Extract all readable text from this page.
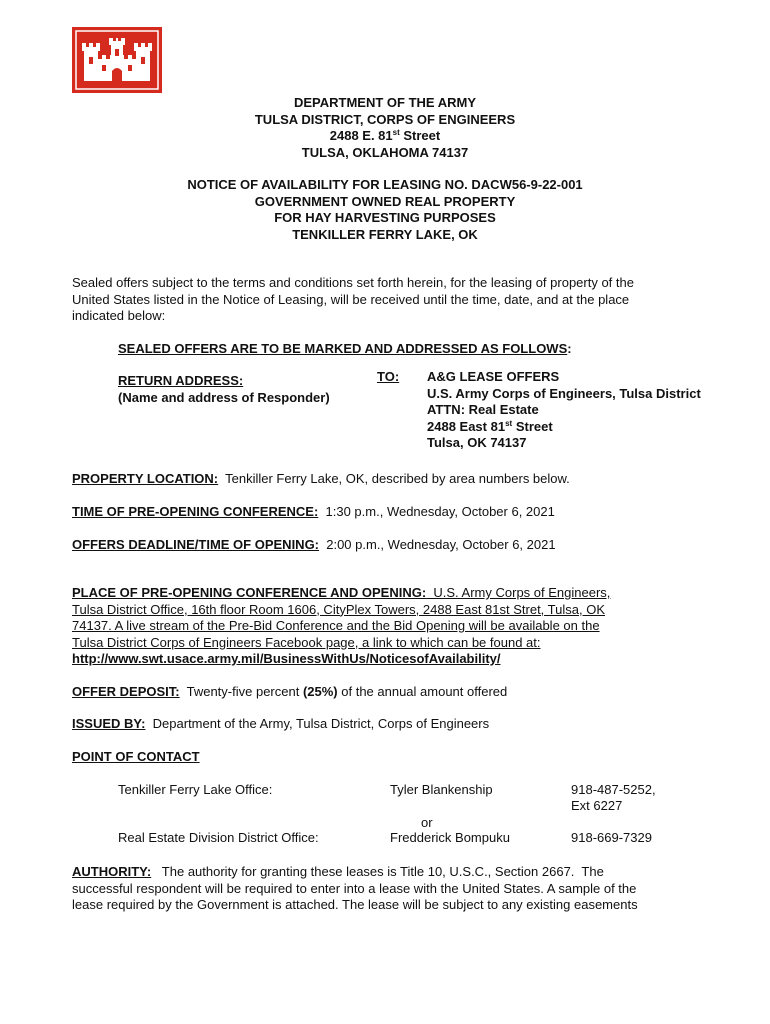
DEPARTMENT OF THE ARMY
TULSA DISTRICT, CORPS OF ENGINEERS
2488 E. 81st Street
TULSA, OKLAHOMA 74137
NOTICE OF AVAILABILITY FOR LEASING NO. DACW56-9-22-001
GOVERNMENT OWNED REAL PROPERTY
FOR HAY HARVESTING PURPOSES
TENKILLER FERRY LAKE, OK
Sealed offers subject to the terms and conditions set forth herein, for the leasing of property of the
United States listed in the Notice of Leasing, will be received until the time, date, and at the place
indicated below:
SEALED OFFERS ARE TO BE MARKED AND ADDRESSED AS FOLLOWS:
RETURN ADDRESS:
(Name and address of Responder)
TO: A&G LEASE OFFERS
U.S. Army Corps of Engineers, Tulsa District
ATTN: Real Estate
2488 East 81st Street
Tulsa, OK 74137
PROPERTY LOCATION:  Tenkiller Ferry Lake, OK, described by area numbers below.
TIME OF PRE-OPENING CONFERENCE:  1:30 p.m., Wednesday, October 6, 2021
OFFERS DEADLINE/TIME OF OPENING:  2:00 p.m., Wednesday, October 6, 2021
PLACE OF PRE-OPENING CONFERENCE AND OPENING:  U.S. Army Corps of Engineers,
Tulsa District Office, 16th floor Room 1606, CityPlex Towers, 2488 East 81st Stret, Tulsa, OK
74137. A live stream of the Pre-Bid Conference and the Bid Opening will be available on the
Tulsa District Corps of Engineers Facebook page, a link to which can be found at:
http://www.swt.usace.army.mil/BusinessWithUs/NoticesofAvailability/
OFFER DEPOSIT:  Twenty-five percent (25%) of the annual amount offered
ISSUED BY:  Department of the Army, Tulsa District, Corps of Engineers
POINT OF CONTACT
Tenkiller Ferry Lake Office:	Tyler Blankenship	918-487-5252,
Ext 6227
or
Real Estate Division District Office:	Fredderick Bompuku	918-669-7329
AUTHORITY:   The authority for granting these leases is Title 10, U.S.C., Section 2667.  The
successful respondent will be required to enter into a lease with the United States. A sample of the
lease required by the Government is attached. The lease will be subject to any existing easements
